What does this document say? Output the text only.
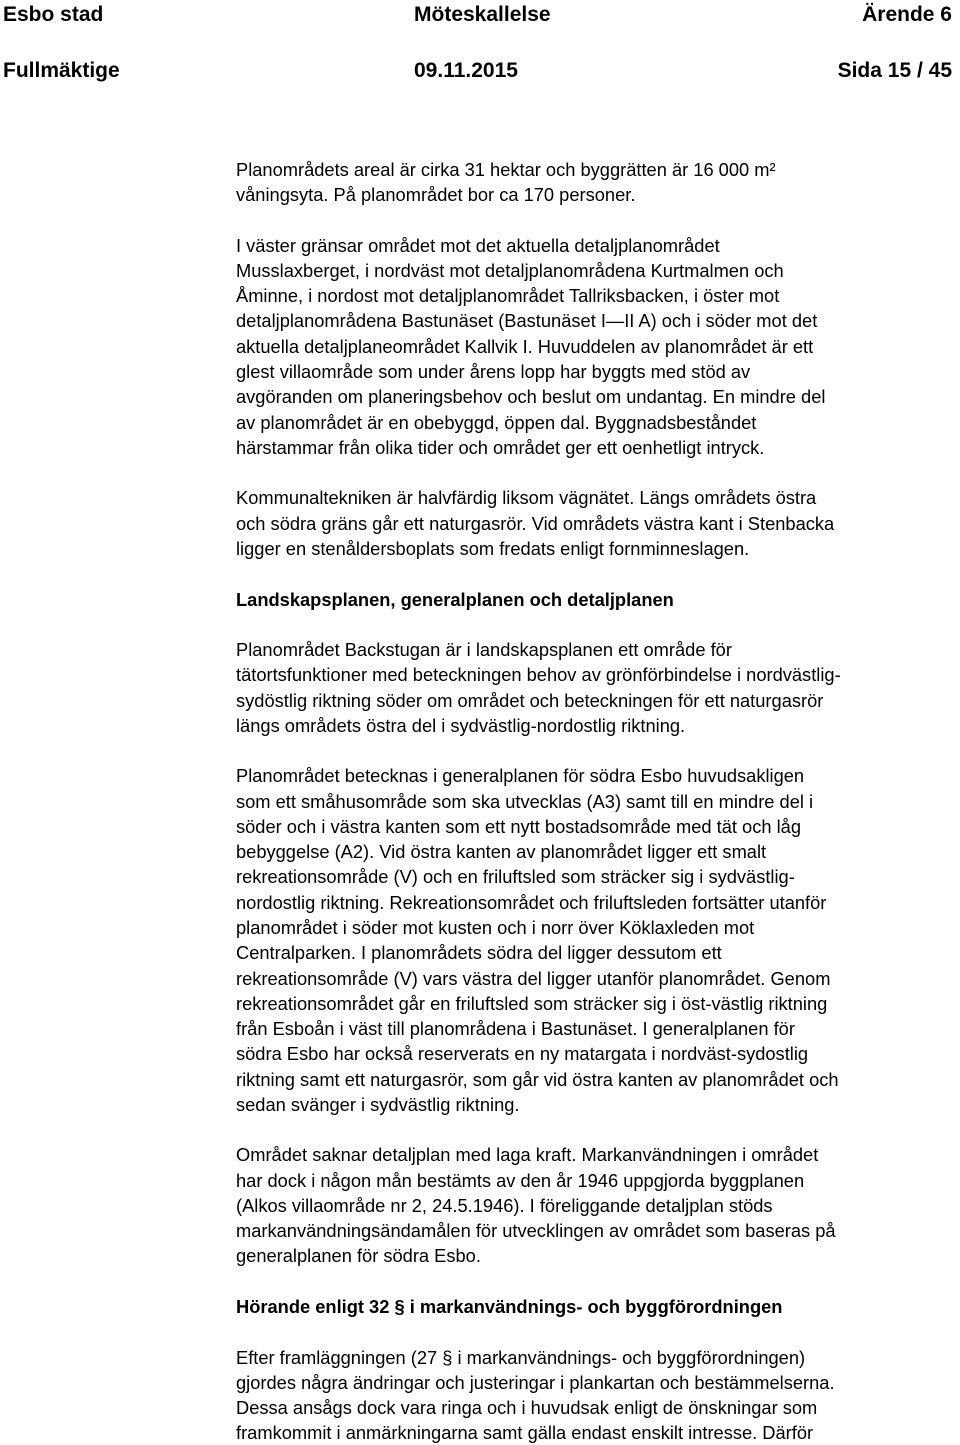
Esbo stad	Möteskallelse	Ärende 6
Fullmäktige	09.11.2015	Sida 15 / 45
Planområdets areal är cirka 31 hektar och byggrätten är 16 000 m²
våningsyta. På planområdet bor ca 170 personer.
I väster gränsar området mot det aktuella detaljplanområdet
Musslaxberget, i nordväst mot detaljplanområdena Kurtmalmen och
Åminne, i nordost mot detaljplanområdet Tallriksbacken, i öster mot
detaljplanområdena Bastunäset (Bastunäset I—II A) och i söder mot det
aktuella detaljplaneområdet Kallvik I. Huvuddelen av planområdet är ett
glest villaområde som under årens lopp har byggts med stöd av
avgöranden om planeringsbehov och beslut om undantag. En mindre del
av planområdet är en obebyggd, öppen dal. Byggnadsbeståndet
härstammar från olika tider och området ger ett oenhetligt intryck.
Kommunaltekniken är halvfärdig liksom vägnätet. Längs områdets östra
och södra gräns går ett naturgasrör. Vid områdets västra kant i Stenbacka
ligger en stenåldersboplats som fredats enligt fornminneslagen.
Landskapsplanen, generalplanen och detaljplanen
Planområdet Backstugan är i landskapsplanen ett område för
tätortsfunktioner med beteckningen behov av grönförbindelse i nordvästlig-
sydöstlig riktning söder om området och beteckningen för ett naturgasrör
längs områdets östra del i sydvästlig-nordostlig riktning.
Planområdet betecknas i generalplanen för södra Esbo huvudsakligen
som ett småhusområde som ska utvecklas (A3) samt till en mindre del i
söder och i västra kanten som ett nytt bostadsområde med tät och låg
bebyggelse (A2). Vid östra kanten av planområdet ligger ett smalt
rekreationsområde (V) och en friluftsled som sträcker sig i sydvästlig-
nordostlig riktning. Rekreationsområdet och friluftsleden fortsätter utanför
planområdet i söder mot kusten och i norr över Köklaxleden mot
Centralparken. I planområdets södra del ligger dessutom ett
rekreationsområde (V) vars västra del ligger utanför planområdet. Genom
rekreationsområdet går en friluftsled som sträcker sig i öst-västlig riktning
från Esboån i väst till planområdena i Bastunäset. I generalplanen för
södra Esbo har också reserverats en ny matargata i nordväst-sydostlig
riktning samt ett naturgasrör, som går vid östra kanten av planområdet och
sedan svänger i sydvästlig riktning.
Området saknar detaljplan med laga kraft. Markanvändningen i området
har dock i någon mån bestämts av den år 1946 uppgjorda byggplanen
(Alkos villaområde nr 2, 24.5.1946). I föreliggande detaljplan stöds
markanvändningsändamålen för utvecklingen av området som baseras på
generalplanen för södra Esbo.
Hörande enligt 32 § i markanvändnings- och byggförordningen
Efter framläggningen (27 § i markanvändnings- och byggförordningen)
gjordes några ändringar och justeringar i plankartan och bestämmelserna.
Dessa ansågs dock vara ringa och i huvudsak enligt de önskningar som
framkommit i anmärkningarna samt gälla endast enskilt intresse. Därför
